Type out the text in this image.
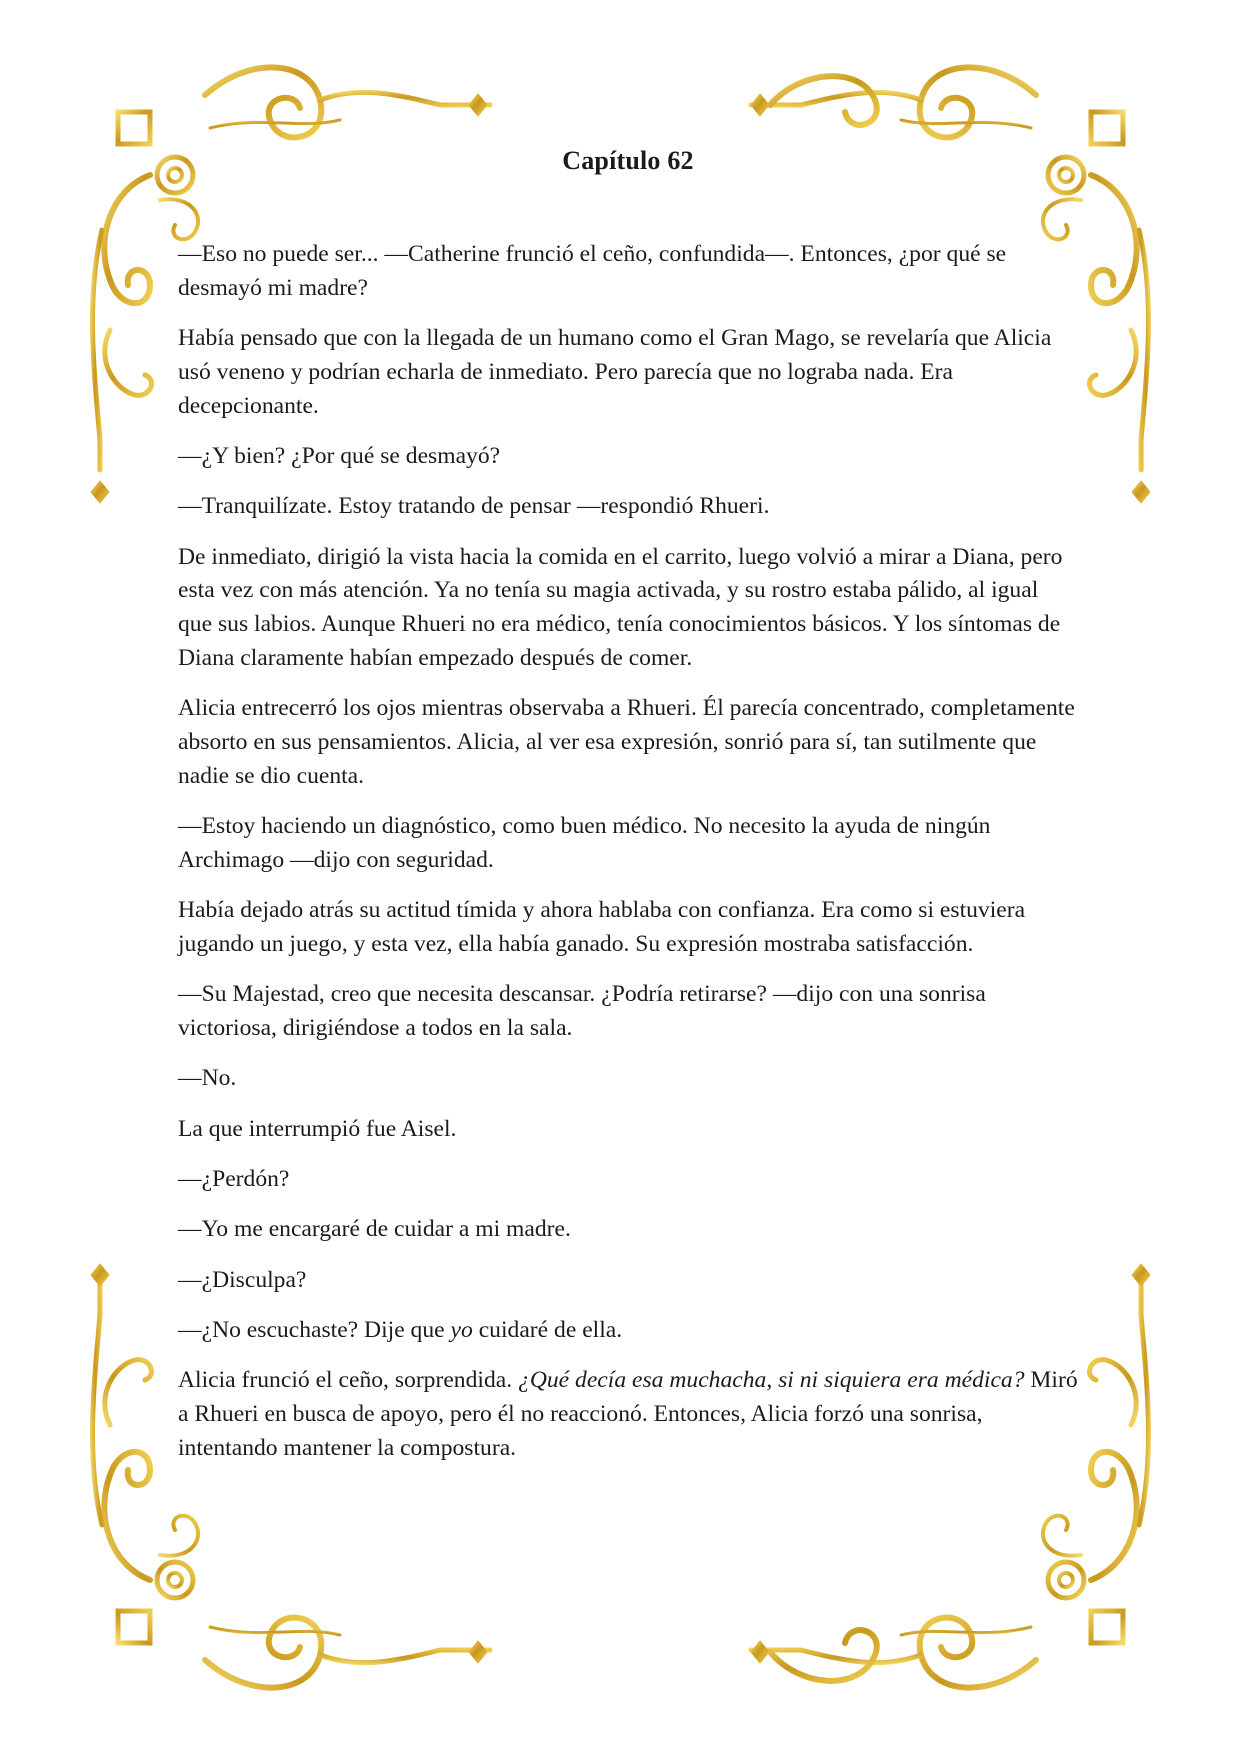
Capítulo 62

—Eso no puede ser... —Catherine frunció el ceño, confundida—. Entonces, ¿por qué se desmayó mi madre?

Había pensado que con la llegada de un humano como el Gran Mago, se revelaría que Alicia usó veneno y podrían echarla de inmediato. Pero parecía que no lograba nada. Era decepcionante.

—¿Y bien? ¿Por qué se desmayó?

—Tranquilízate. Estoy tratando de pensar —respondió Rhueri.

De inmediato, dirigió la vista hacia la comida en el carrito, luego volvió a mirar a Diana, pero esta vez con más atención. Ya no tenía su magia activada, y su rostro estaba pálido, al igual que sus labios. Aunque Rhueri no era médico, tenía conocimientos básicos. Y los síntomas de Diana claramente habían empezado después de comer.

Alicia entrecerró los ojos mientras observaba a Rhueri. Él parecía concentrado, completamente absorto en sus pensamientos. Alicia, al ver esa expresión, sonrió para sí, tan sutilmente que nadie se dio cuenta.

—Estoy haciendo un diagnóstico, como buen médico. No necesito la ayuda de ningún Archimago —dijo con seguridad.

Había dejado atrás su actitud tímida y ahora hablaba con confianza. Era como si estuviera jugando un juego, y esta vez, ella había ganado. Su expresión mostraba satisfacción.

—Su Majestad, creo que necesita descansar. ¿Podría retirarse? —dijo con una sonrisa victoriosa, dirigiéndose a todos en la sala.

—No.

La que interrumpió fue Aisel.

—¿Perdón?

—Yo me encargaré de cuidar a mi madre.

—¿Disculpa?

—¿No escuchaste? Dije que yo cuidaré de ella.

Alicia frunció el ceño, sorprendida. ¿Qué decía esa muchacha, si ni siquiera era médica? Miró a Rhueri en busca de apoyo, pero él no reaccionó. Entonces, Alicia forzó una sonrisa, intentando mantener la compostura.
